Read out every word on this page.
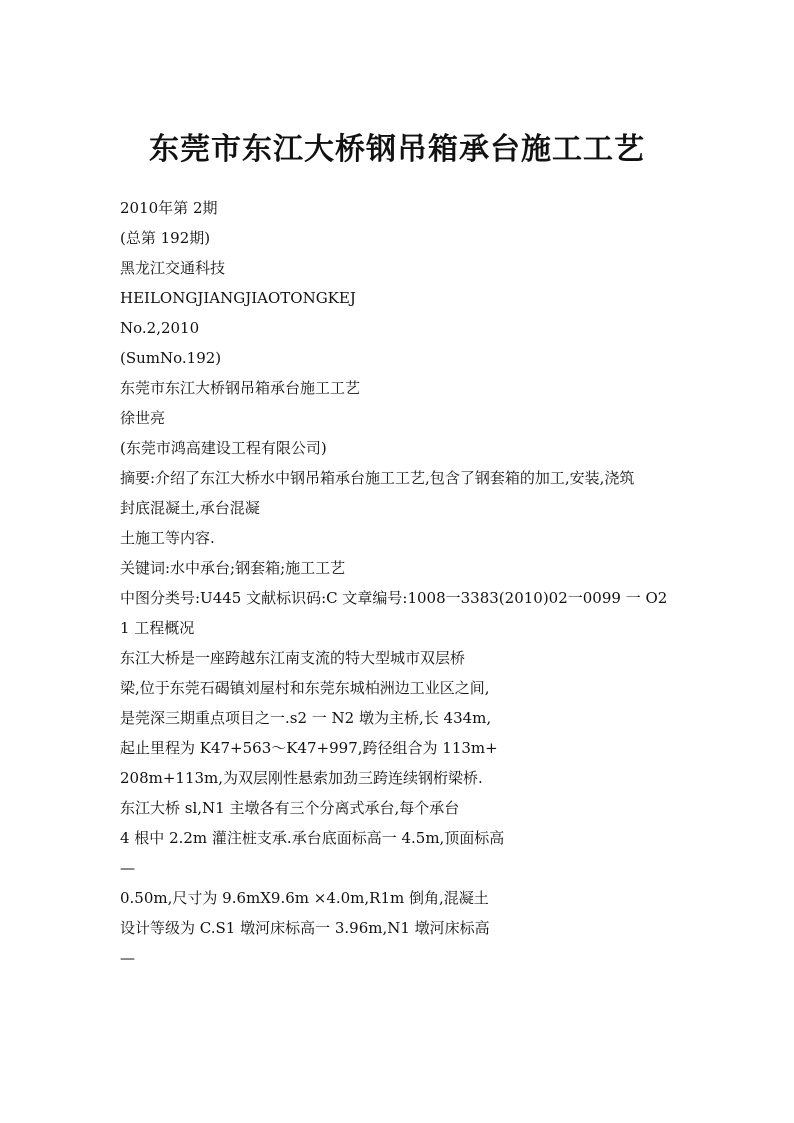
东莞市东江大桥钢吊箱承台施工工艺
2010年第 2期
(总第 192期)
黑龙江交通科技
HEILONGJIANGJIAOTONGKEJ
No.2,2010
(SumNo.192)
东莞市东江大桥钢吊箱承台施工工艺
徐世亮
(东莞市鸿高建设工程有限公司)
摘要:介绍了东江大桥水中钢吊箱承台施工工艺,包含了钢套箱的加工,安装,浇筑
封底混凝土,承台混凝
土施工等内容.
关键词:水中承台;钢套箱;施工工艺
中图分类号:U445 文献标识码:C 文章编号:1008一3383(2010)02一0099 一 O2
1 工程概况
东江大桥是一座跨越东江南支流的特大型城市双层桥
梁,位于东莞石碣镇刘屋村和东莞东城柏洲边工业区之间,
是莞深三期重点项目之一.s2 一 N2 墩为主桥,长 434m,
起止里程为 K47+563～K47+997,跨径组合为 113m+
208m+113m,为双层刚性悬索加劲三跨连续钢桁梁桥.
东江大桥 sl,N1 主墩各有三个分离式承台,每个承台
4 根中 2.2m 灌注桩支承.承台底面标高一 4.5m,顶面标高
—
0.50m,尺寸为 9.6mX9.6m ×4.0m,R1m 倒角,混凝土
设计等级为 C.S1 墩河床标高一 3.96m,N1 墩河床标高
—
